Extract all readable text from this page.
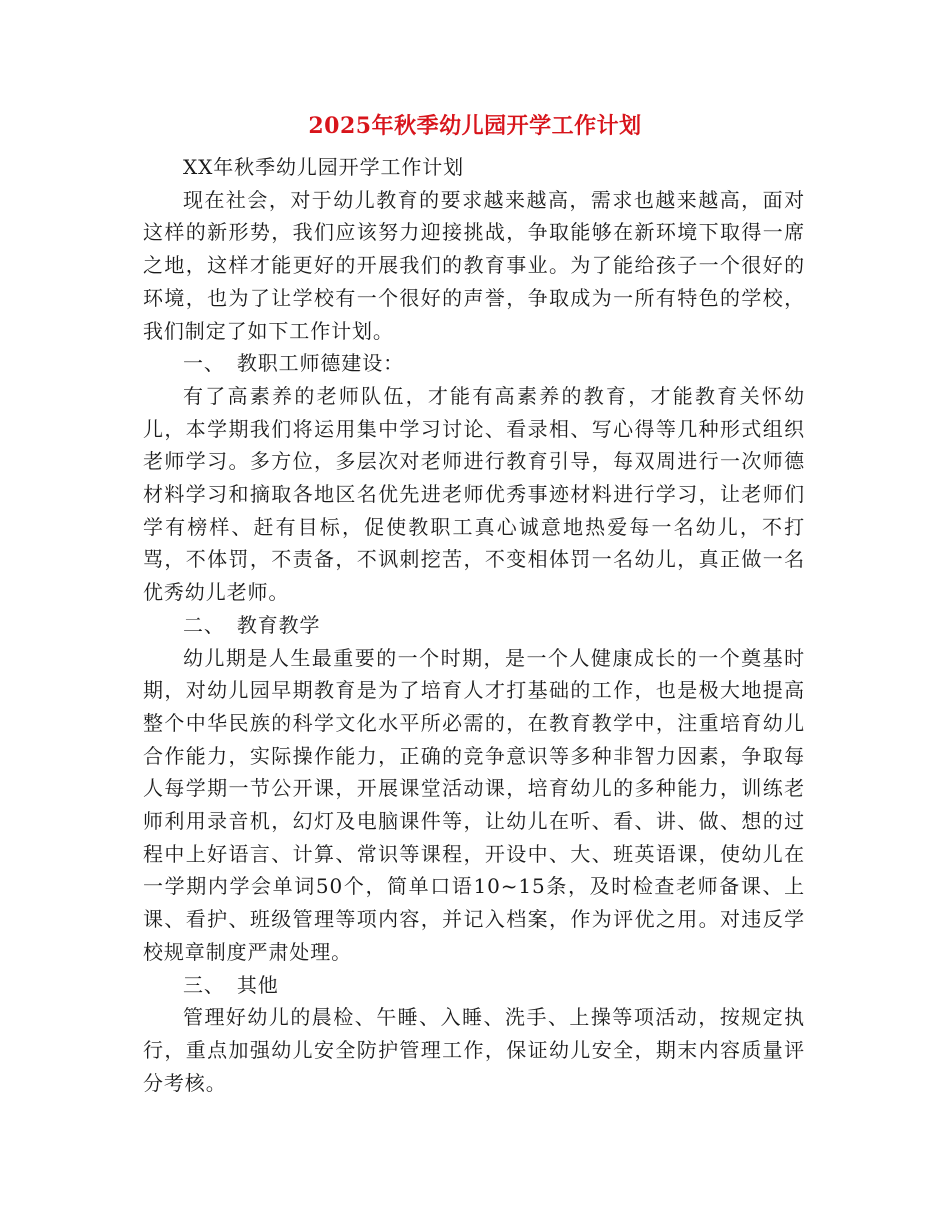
2025年秋季幼儿园开学工作计划

XX年秋季幼儿园开学工作计划

现在社会，对于幼儿教育的要求越来越高，需求也越来越高，面对这样的新形势，我们应该努力迎接挑战，争取能够在新环境下取得一席之地，这样才能更好的开展我们的教育事业。为了能给孩子一个很好的环境，也为了让学校有一个很好的声誉，争取成为一所有特色的学校，我们制定了如下工作计划。

一、 教职工师德建设：

有了高素养的老师队伍，才能有高素养的教育，才能教育关怀幼儿，本学期我们将运用集中学习讨论、看录相、写心得等几种形式组织老师学习。多方位，多层次对老师进行教育引导，每双周进行一次师德材料学习和摘取各地区名优先进老师优秀事迹材料进行学习，让老师们学有榜样、赶有目标，促使教职工真心诚意地热爱每一名幼儿，不打骂，不体罚，不责备，不讽刺挖苦，不变相体罚一名幼儿，真正做一名优秀幼儿老师。

二、 教育教学

幼儿期是人生最重要的一个时期，是一个人健康成长的一个奠基时期，对幼儿园早期教育是为了培育人才打基础的工作，也是极大地提高整个中华民族的科学文化水平所必需的，在教育教学中，注重培育幼儿合作能力，实际操作能力，正确的竞争意识等多种非智力因素，争取每人每学期一节公开课，开展课堂活动课，培育幼儿的多种能力，训练老师利用录音机，幻灯及电脑课件等，让幼儿在听、看、讲、做、想的过程中上好语言、计算、常识等课程，开设中、大、班英语课，使幼儿在一学期内学会单词50个，简单口语10~15条，及时检查老师备课、上课、看护、班级管理等项内容，并记入档案，作为评优之用。对违反学校规章制度严肃处理。

三、 其他

管理好幼儿的晨检、午睡、入睡、洗手、上操等项活动，按规定执行，重点加强幼儿安全防护管理工作，保证幼儿安全，期末内容质量评分考核。
